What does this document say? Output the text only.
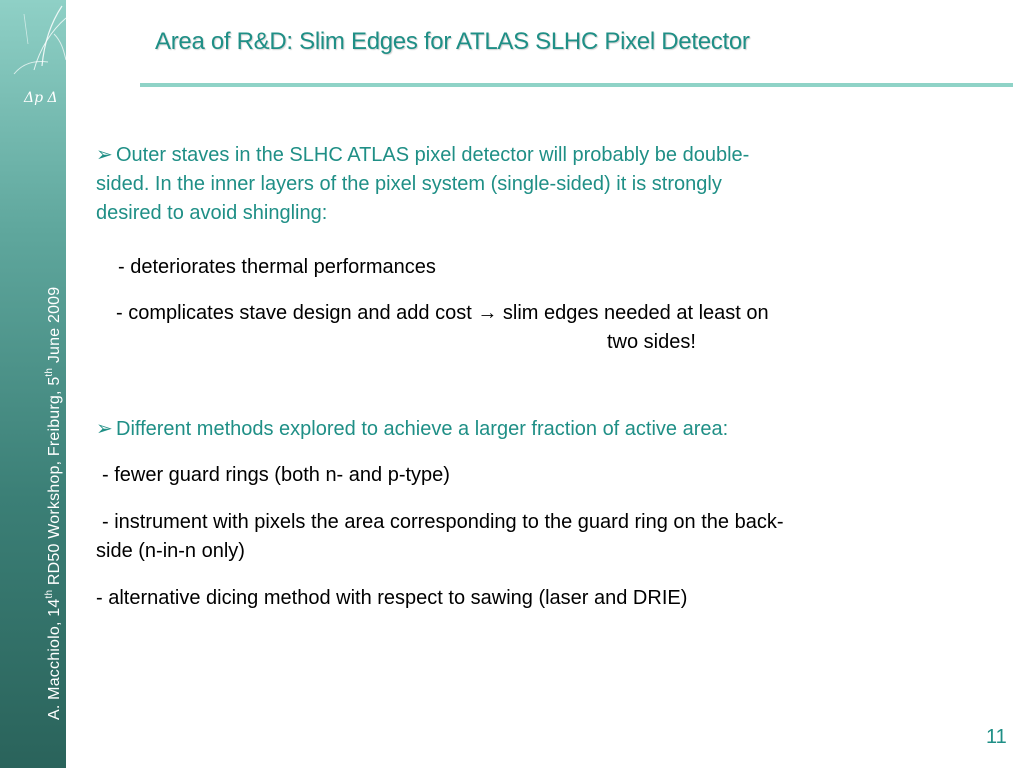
Δp Δ
A. Macchiolo, 14th RD50 Workshop, Freiburg, 5th June 2009
Area of R&D: Slim Edges for ATLAS SLHC Pixel Detector
➢ Outer staves in the SLHC ATLAS pixel detector will probably be double-
sided. In the inner layers of the pixel system (single-sided) it is strongly
desired to avoid shingling:
- deteriorates thermal performances
- complicates stave design and add cost → slim edges needed at least on
two sides!
➢ Different methods explored to achieve a larger fraction of active area:
- fewer guard rings (both n- and p-type)
- instrument with pixels the area corresponding to the guard ring on the back-
side (n-in-n only)
- alternative dicing method with respect to sawing (laser and DRIE)
11
